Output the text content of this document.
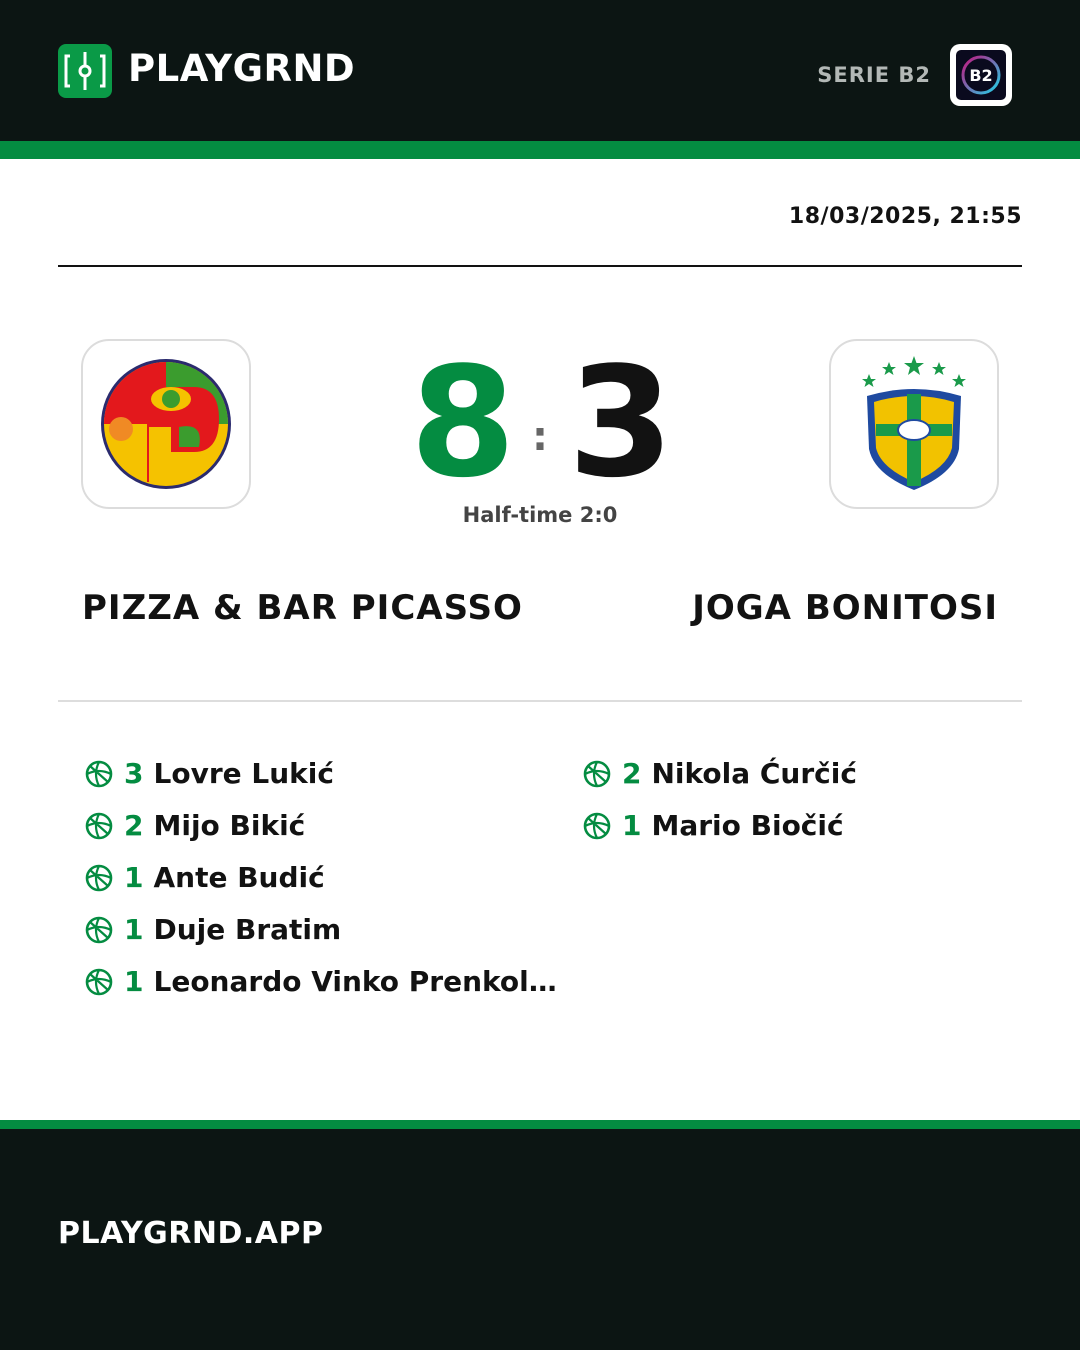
PLAYGRND	SERIE B2 B2
18/03/2025, 21:55
8 : 3
Half-time 2:0
PIZZA & BAR PICASSO	JOGA BONITOSI
3 Lovre Lukić
2 Mijo Bikić
1 Ante Budić
1 Duje Bratim
1 Leonardo Vinko Prenkol…
2 Nikola Ćurčić
1 Mario Biočić
PLAYGRND.APP
